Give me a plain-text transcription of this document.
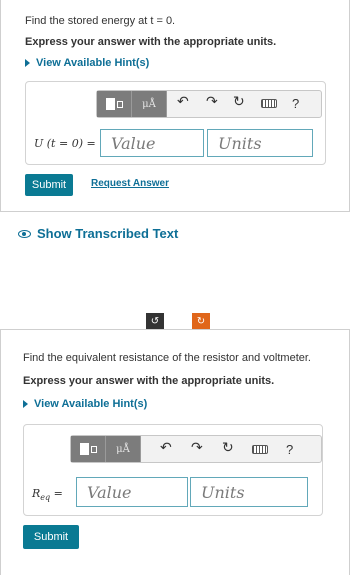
Find the stored energy at t = 0.
Express your answer with the appropriate units.
View Available Hint(s)
μÅ ↶ ↷ ↻	?
U (t = 0) = Value	Units
Submit	Request Answer
Show Transcribed Text
↺	↻
Find the equivalent resistance of the resistor and voltmeter.
Express your answer with the appropriate units.
View Available Hint(s)
μÅ ↶ ↷ ↻	?
$R_{eq}$ =	Value	Units
Submit
